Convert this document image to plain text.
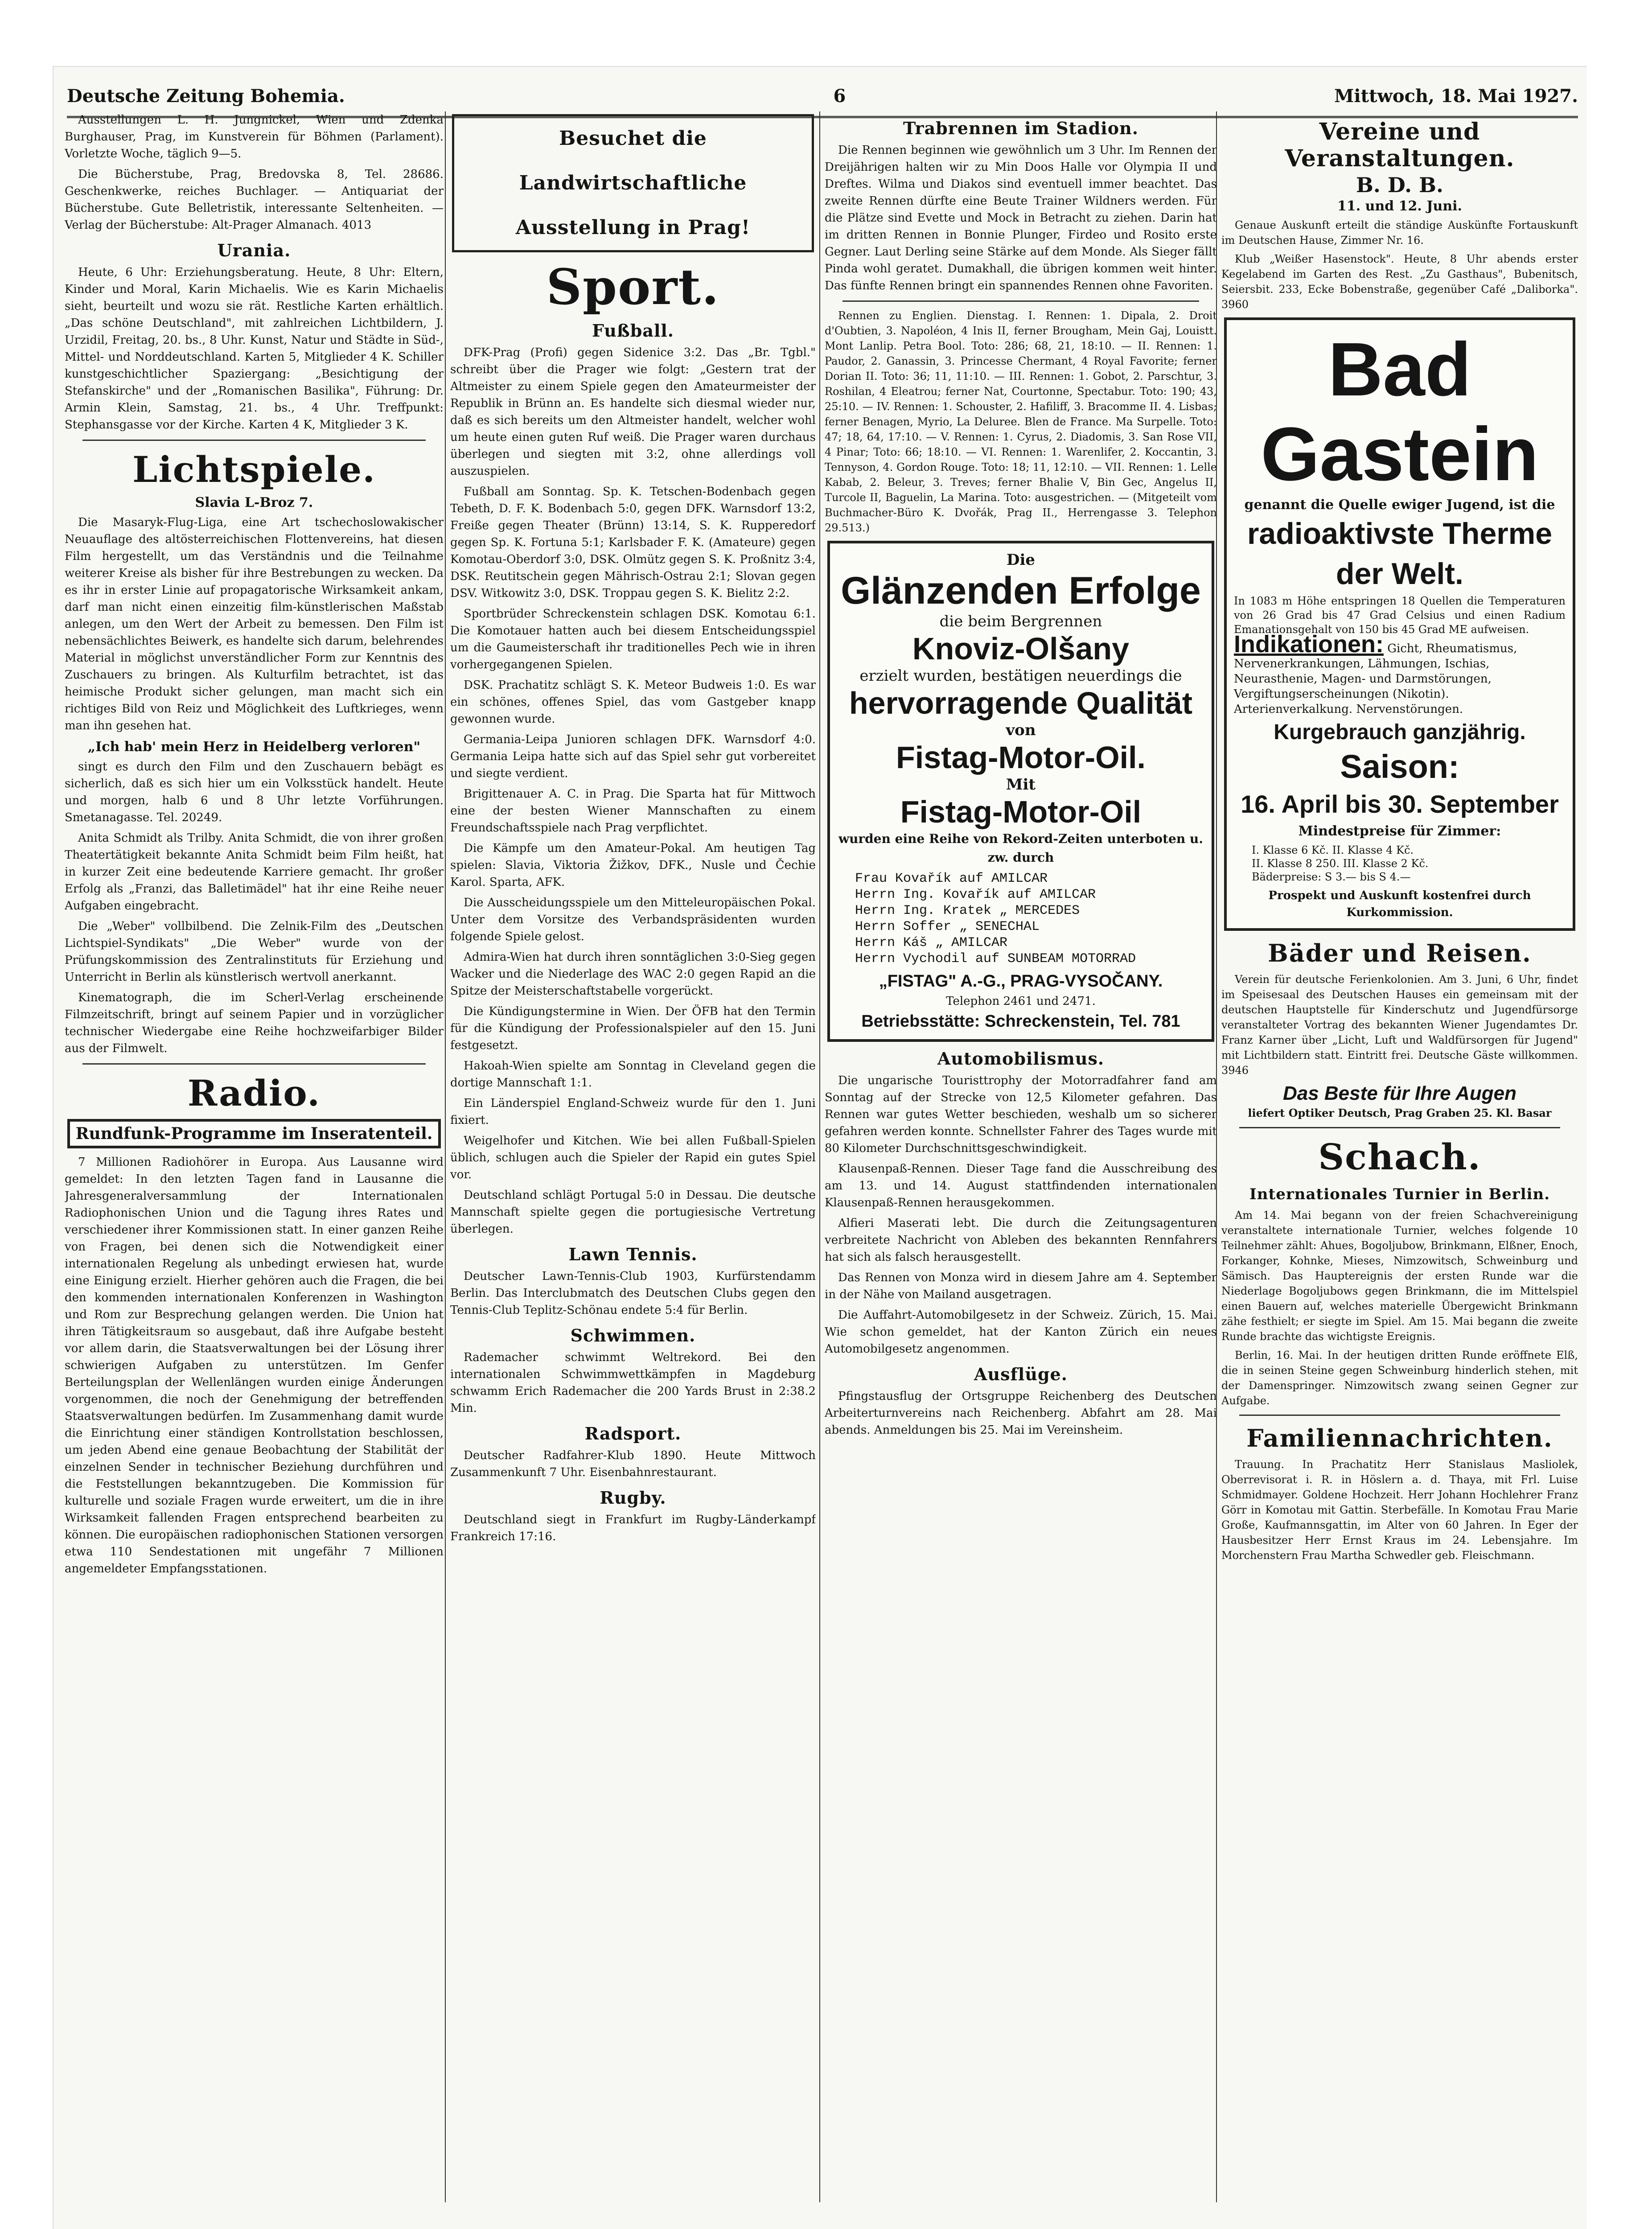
Deutsche Zeitung Bohemia.	6	Mittwoch, 18. Mai 1927.

Ausstellungen L. H. Jungnickel, Wien und Zdenka Burghauser, Prag, im Kunstverein für Böhmen (Parlament). Vorletzte Woche, täglich 9—5.

Die Bücherstube, Prag, Bredovska 8, Tel. 28686. Geschenkwerke, reiches Buchlager. — Antiquariat der Bücherstube. Gute Belletristik, interessante Seltenheiten. — Verlag der Bücherstube: Alt-Prager Almanach. 4013

Urania.

Heute, 6 Uhr: Erziehungsberatung. Heute, 8 Uhr: Eltern, Kinder und Moral, Karin Michaelis. Wie es Karin Michaelis sieht, beurteilt und wozu sie rät. Restliche Karten erhältlich. „Das schöne Deutschland", mit zahlreichen Lichtbildern, J. Urzidil, Freitag, 20. bs., 8 Uhr. Kunst, Natur und Städte in Süd-, Mittel- und Norddeutschland. Karten 5, Mitglieder 4 K. Schiller kunstgeschichtlicher Spaziergang: „Besichtigung der Stefanskirche" und der „Romanischen Basilika", Führung: Dr. Armin Klein, Samstag, 21. bs., 4 Uhr. Treffpunkt: Stephansgasse vor der Kirche. Karten 4 K, Mitglieder 3 K.

Lichtspiele.
Slavia L-Broz 7.

Die Masaryk-Flug-Liga, eine Art tschechoslowakischer Neuauflage des altösterreichischen Flottenvereins, hat diesen Film hergestellt, um das Verständnis und die Teilnahme weiterer Kreise als bisher für ihre Bestrebungen zu wecken. Da es ihr in erster Linie auf propagatorische Wirksamkeit ankam, darf man nicht einen einzeitig film-künstlerischen Maßstab anlegen, um den Wert der Arbeit zu bemessen. Den Film ist nebensächlichtes Beiwerk, es handelte sich darum, belehrendes Material in möglichst unverständlicher Form zur Kenntnis des Zuschauers zu bringen. Als Kulturfilm betrachtet, ist das heimische Produkt sicher gelungen, man macht sich ein richtiges Bild von Reiz und Möglichkeit des Luftkrieges, wenn man ihn gesehen hat.

„Ich hab' mein Herz in Heidelberg verloren"

singt es durch den Film und den Zuschauern bebägt es sicherlich, daß es sich hier um ein Volksstück handelt. Heute und morgen, halb 6 und 8 Uhr letzte Vorführungen. Smetanagasse. Tel. 20249.

Anita Schmidt als Trilby. Anita Schmidt, die von ihrer großen Theatertätigkeit bekannte Anita Schmidt beim Film heißt, hat in kurzer Zeit eine bedeutende Karriere gemacht. Ihr großer Erfolg als „Franzi, das Balletimädel" hat ihr eine Reihe neuer Aufgaben eingebracht.

Die „Weber" vollbilbend. Die Zelnik-Film des „Deutschen Lichtspiel-Syndikats" „Die Weber" wurde von der Prüfungskommission des Zentralinstituts für Erziehung und Unterricht in Berlin als künstlerisch wertvoll anerkannt.

Kinematograph, die im Scherl-Verlag erscheinende Filmzeitschrift, bringt auf seinem Papier und in vorzüglicher technischer Wiedergabe eine Reihe hochzweifarbiger Bilder aus der Filmwelt.

Radio.
Rundfunk-Programme im Inseratenteil.

7 Millionen Radiohörer in Europa. Aus Lausanne wird gemeldet: In den letzten Tagen fand in Lausanne die Jahresgeneralversammlung der Internationalen Radiophonischen Union und die Tagung ihres Rates und verschiedener ihrer Kommissionen statt. In einer ganzen Reihe von Fragen, bei denen sich die Notwendigkeit einer internationalen Regelung als unbedingt erwiesen hat, wurde eine Einigung erzielt. Hierher gehören auch die Fragen, die bei den kommenden internationalen Konferenzen in Washington und Rom zur Besprechung gelangen werden. Die Union hat ihren Tätigkeitsraum so ausgebaut, daß ihre Aufgabe besteht vor allem darin, die Staatsverwaltungen bei der Lösung ihrer schwierigen Aufgaben zu unterstützen. Im Genfer Berteilungsplan der Wellenlängen wurden einige Änderungen vorgenommen, die noch der Genehmigung der betreffenden Staatsverwaltungen bedürfen. Im Zusammenhang damit wurde die Einrichtung einer ständigen Kontrollstation beschlossen, um jeden Abend eine genaue Beobachtung der Stabilität der einzelnen Sender in technischer Beziehung durchführen und die Feststellungen bekanntzugeben. Die Kommission für kulturelle und soziale Fragen wurde erweitert, um die in ihre Wirksamkeit fallenden Fragen entsprechend bearbeiten zu können. Die europäischen radiophonischen Stationen versorgen etwa 110 Sendestationen mit ungefähr 7 Millionen angemeldeter Empfangsstationen.

Besuchet die Landwirtschaftliche Ausstellung in Prag!
Sport.
Fußball.

DFK-Prag (Profi) gegen Sidenice 3:2. Das „Br. Tgbl." schreibt über die Prager wie folgt: „Gestern trat der Altmeister zu einem Spiele gegen den Amateurmeister der Republik in Brünn an. Es handelte sich diesmal wieder nur, daß es sich bereits um den Altmeister handelt, welcher wohl um heute einen guten Ruf weiß. Die Prager waren durchaus überlegen und siegten mit 3:2, ohne allerdings voll auszuspielen.

Fußball am Sonntag. Sp. K. Tetschen-Bodenbach gegen Tebeth, D. F. K. Bodenbach 5:0, gegen DFK. Warnsdorf 13:2, Freiße gegen Theater (Brünn) 13:14, S. K. Rupperedorf gegen Sp. K. Fortuna 5:1; Karlsbader F. K. (Amateure) gegen Komotau-Oberdorf 3:0, DSK. Olmütz gegen S. K. Proßnitz 3:4, DSK. Reutitschein gegen Mährisch-Ostrau 2:1; Slovan gegen DSV. Witkowitz 3:0, DSK. Troppau gegen S. K. Bielitz 2:2.

Sportbrüder Schreckenstein schlagen DSK. Komotau 6:1. Die Komotauer hatten auch bei diesem Entscheidungsspiel um die Gaumeisterschaft ihr traditionelles Pech wie in ihren vorhergegangenen Spielen.

DSK. Prachatitz schlägt S. K. Meteor Budweis 1:0. Es war ein schönes, offenes Spiel, das vom Gastgeber knapp gewonnen wurde.

Germania-Leipa Junioren schlagen DFK. Warnsdorf 4:0. Germania Leipa hatte sich auf das Spiel sehr gut vorbereitet und siegte verdient.

Brigittenauer A. C. in Prag. Die Sparta hat für Mittwoch eine der besten Wiener Mannschaften zu einem Freundschaftsspiele nach Prag verpflichtet.

Die Kämpfe um den Amateur-Pokal. Am heutigen Tag spielen: Slavia, Viktoria Žižkov, DFK., Nusle und Čechie Karol. Sparta, AFK.

Die Ausscheidungsspiele um den Mitteleuropäischen Pokal. Unter dem Vorsitze des Verbandspräsidenten wurden folgende Spiele gelost.

Admira-Wien hat durch ihren sonntäglichen 3:0-Sieg gegen Wacker und die Niederlage des WAC 2:0 gegen Rapid an die Spitze der Meisterschaftstabelle vorgerückt.

Die Kündigungstermine in Wien. Der ÖFB hat den Termin für die Kündigung der Professionalspieler auf den 15. Juni festgesetzt.

Hakoah-Wien spielte am Sonntag in Cleveland gegen die dortige Mannschaft 1:1.

Ein Länderspiel England-Schweiz wurde für den 1. Juni fixiert.

Weigelhofer und Kitchen. Wie bei allen Fußball-Spielen üblich, schlugen auch die Spieler der Rapid ein gutes Spiel vor.

Deutschland schlägt Portugal 5:0 in Dessau. Die deutsche Mannschaft spielte gegen die portugiesische Vertretung überlegen.

Lawn Tennis.

Deutscher Lawn-Tennis-Club 1903, Kurfürstendamm Berlin. Das Interclubmatch des Deutschen Clubs gegen den Tennis-Club Teplitz-Schönau endete 5:4 für Berlin.

Schwimmen.

Rademacher schwimmt Weltrekord. Bei den internationalen Schwimmwettkämpfen in Magdeburg schwamm Erich Rademacher die 200 Yards Brust in 2:38.2 Min.

Radsport.

Deutscher Radfahrer-Klub 1890. Heute Mittwoch Zusammenkunft 7 Uhr. Eisenbahnrestaurant.

Rugby.

Deutschland siegt in Frankfurt im Rugby-Länderkampf Frankreich 17:16.

Trabrennen im Stadion.

Die Rennen beginnen wie gewöhnlich um 3 Uhr. Im Rennen der Dreijährigen halten wir zu Min Doos Halle vor Olympia II und Dreftes. Wilma und Diakos sind eventuell immer beachtet. Das zweite Rennen dürfte eine Beute Trainer Wildners werden. Für die Plätze sind Evette und Mock in Betracht zu ziehen. Darin hat im dritten Rennen in Bonnie Plunger, Firdeo und Rosito erste Gegner. Laut Derling seine Stärke auf dem Monde. Als Sieger fällt Pinda wohl geratet. Dumakhall, die übrigen kommen weit hinter. Das fünfte Rennen bringt ein spannendes Rennen ohne Favoriten.

Rennen zu Englien. Dienstag. I. Rennen: 1. Dipala, 2. Droit d'Oubtien, 3. Napoléon, 4 Inis II, ferner Brougham, Mein Gaj, Louistt. Mont Lanlip. Petra Bool. Toto: 286; 68, 21, 18:10. — II. Rennen: 1. Paudor, 2. Ganassin, 3. Princesse Chermant, 4 Royal Favorite; ferner Dorian II. Toto: 36; 11, 11:10. — III. Rennen: 1. Gobot, 2. Parschtur, 3. Roshilan, 4 Eleatrou; ferner Nat, Courtonne, Spectabur. Toto: 190; 43, 25:10. — IV. Rennen: 1. Schouster, 2. Hafiliff, 3. Bracomme II. 4. Lisbas; ferner Benagen, Myrio, La Deluree. Blen de France. Ma Surpelle. Toto: 47; 18, 64, 17:10. — V. Rennen: 1. Cyrus, 2. Diadomis, 3. San Rose VII, 4 Pinar; Toto: 66; 18:10. — VI. Rennen: 1. Warenlifer, 2. Koccantin, 3. Tennyson, 4. Gordon Rouge. Toto: 18; 11, 12:10. — VII. Rennen: 1. Lelle Kabab, 2. Beleur, 3. Treves; ferner Bhalie V, Bin Gec, Angelus II, Turcole II, Baguelin, La Marina. Toto: ausgestrichen. — (Mitgeteilt vom Buchmacher-Büro K. Dvořák, Prag II., Herrengasse 3. Telephon 29.513.)

Die
Glänzenden Erfolge
die beim Bergrennen
Knoviz-Olšany
erzielt wurden, bestätigen neuerdings die
hervorragende Qualität
von
Fistag-Motor-Oil.
Mit
Fistag-Motor-Oil
wurden eine Reihe von Rekord-Zeiten unterboten u. zw. durch
Frau Kovařík auf AMILCAR
Herrn Ing. Kovařík auf AMILCAR
Herrn Ing. Kratek „ MERCEDES
Herrn Soffer „ SENECHAL
Herrn Káš „ AMILCAR
Herrn Vychodil auf SUNBEAM MOTORRAD
„FISTAG" A.-G., PRAG-VYSOČANY.
Telephon 2461 und 2471.
Betriebsstätte: Schreckenstein, Tel. 781
Automobilismus.

Die ungarische Touristtrophy der Motorradfahrer fand am Sonntag auf der Strecke von 12,5 Kilometer gefahren. Das Rennen war gutes Wetter beschieden, weshalb um so sicherer gefahren werden konnte. Schnellster Fahrer des Tages wurde mit 80 Kilometer Durchschnittsgeschwindigkeit.

Klausenpaß-Rennen. Dieser Tage fand die Ausschreibung des am 13. und 14. August stattfindenden internationalen Klausenpaß-Rennen herausgekommen.

Alfieri Maserati lebt. Die durch die Zeitungsagenturen verbreitete Nachricht von Ableben des bekannten Rennfahrers hat sich als falsch herausgestellt.

Das Rennen von Monza wird in diesem Jahre am 4. September in der Nähe von Mailand ausgetragen.

Die Auffahrt-Automobilgesetz in der Schweiz. Zürich, 15. Mai. Wie schon gemeldet, hat der Kanton Zürich ein neues Automobilgesetz angenommen.

Ausflüge.

Pfingstausflug der Ortsgruppe Reichenberg des Deutschen Arbeiterturnvereins nach Reichenberg. Abfahrt am 28. Mai abends. Anmeldungen bis 25. Mai im Vereinsheim.

Vereine und Veranstaltungen.
B. D. B.
11. und 12. Juni.

Genaue Auskunft erteilt die ständige Auskünfte Fortauskunft im Deutschen Hause, Zimmer Nr. 16.

Klub „Weißer Hasenstock". Heute, 8 Uhr abends erster Kegelabend im Garten des Rest. „Zu Gasthaus", Bubenitsch, Seiersbit. 233, Ecke Bobenstraße, gegenüber Café „Daliborka". 3960

Bad Gastein
genannt die Quelle ewiger Jugend, ist die
radioaktivste Therme
der Welt.
In 1083 m Höhe entspringen 18 Quellen die Temperaturen von 26 Grad bis 47 Grad Celsius und einen Radium Emanationsgehalt von 150 bis 45 Grad ME aufweisen.
Indikationen: Gicht, Rheumatismus, Nervenerkrankungen, Lähmungen, Ischias, Neurasthenie, Magen- und Darmstörungen, Vergiftungserscheinungen (Nikotin). Arterienverkalkung. Nervenstörungen.
Kurgebrauch ganzjährig.
Saison:
16. April bis 30. September
Mindestpreise für Zimmer:
I. Klasse 6 Kč. II. Klasse 4 Kč.
II. Klasse 8 250. III. Klasse 2 Kč.
Bäderpreise: S 3.— bis S 4.—
Prospekt und Auskunft kostenfrei durch Kurkommission.
Bäder und Reisen.

Verein für deutsche Ferienkolonien. Am 3. Juni, 6 Uhr, findet im Speisesaal des Deutschen Hauses ein gemeinsam mit der deutschen Hauptstelle für Kinderschutz und Jugendfürsorge veranstalteter Vortrag des bekannten Wiener Jugendamtes Dr. Franz Karner über „Licht, Luft und Waldfürsorgen für Jugend" mit Lichtbildern statt. Eintritt frei. Deutsche Gäste willkommen. 3946

Das Beste für Ihre Augen
liefert Optiker Deutsch, Prag Graben 25. Kl. Basar
Schach.
Internationales Turnier in Berlin.

Am 14. Mai begann von der freien Schachvereinigung veranstaltete internationale Turnier, welches folgende 10 Teilnehmer zählt: Ahues, Bogoljubow, Brinkmann, Elßner, Enoch, Forkanger, Kohnke, Mieses, Nimzowitsch, Schweinburg und Sämisch. Das Hauptereignis der ersten Runde war die Niederlage Bogoljubows gegen Brinkmann, die im Mittelspiel einen Bauern auf, welches materielle Übergewicht Brinkmann zähe festhielt; er siegte im Spiel. Am 15. Mai begann die zweite Runde brachte das wichtigste Ereignis.

Berlin, 16. Mai. In der heutigen dritten Runde eröffnete Elß, die in seinen Steine gegen Schweinburg hinderlich stehen, mit der Damenspringer. Nimzowitsch zwang seinen Gegner zur Aufgabe.

Familiennachrichten.

Trauung. In Prachatitz Herr Stanislaus Masliolek, Oberrevisorat i. R. in Höslern a. d. Thaya, mit Frl. Luise Schmidmayer. Goldene Hochzeit. Herr Johann Hochlehrer Franz Görr in Komotau mit Gattin. Sterbefälle. In Komotau Frau Marie Große, Kaufmannsgattin, im Alter von 60 Jahren. In Eger der Hausbesitzer Herr Ernst Kraus im 24. Lebensjahre. Im Morchenstern Frau Martha Schwedler geb. Fleischmann.
